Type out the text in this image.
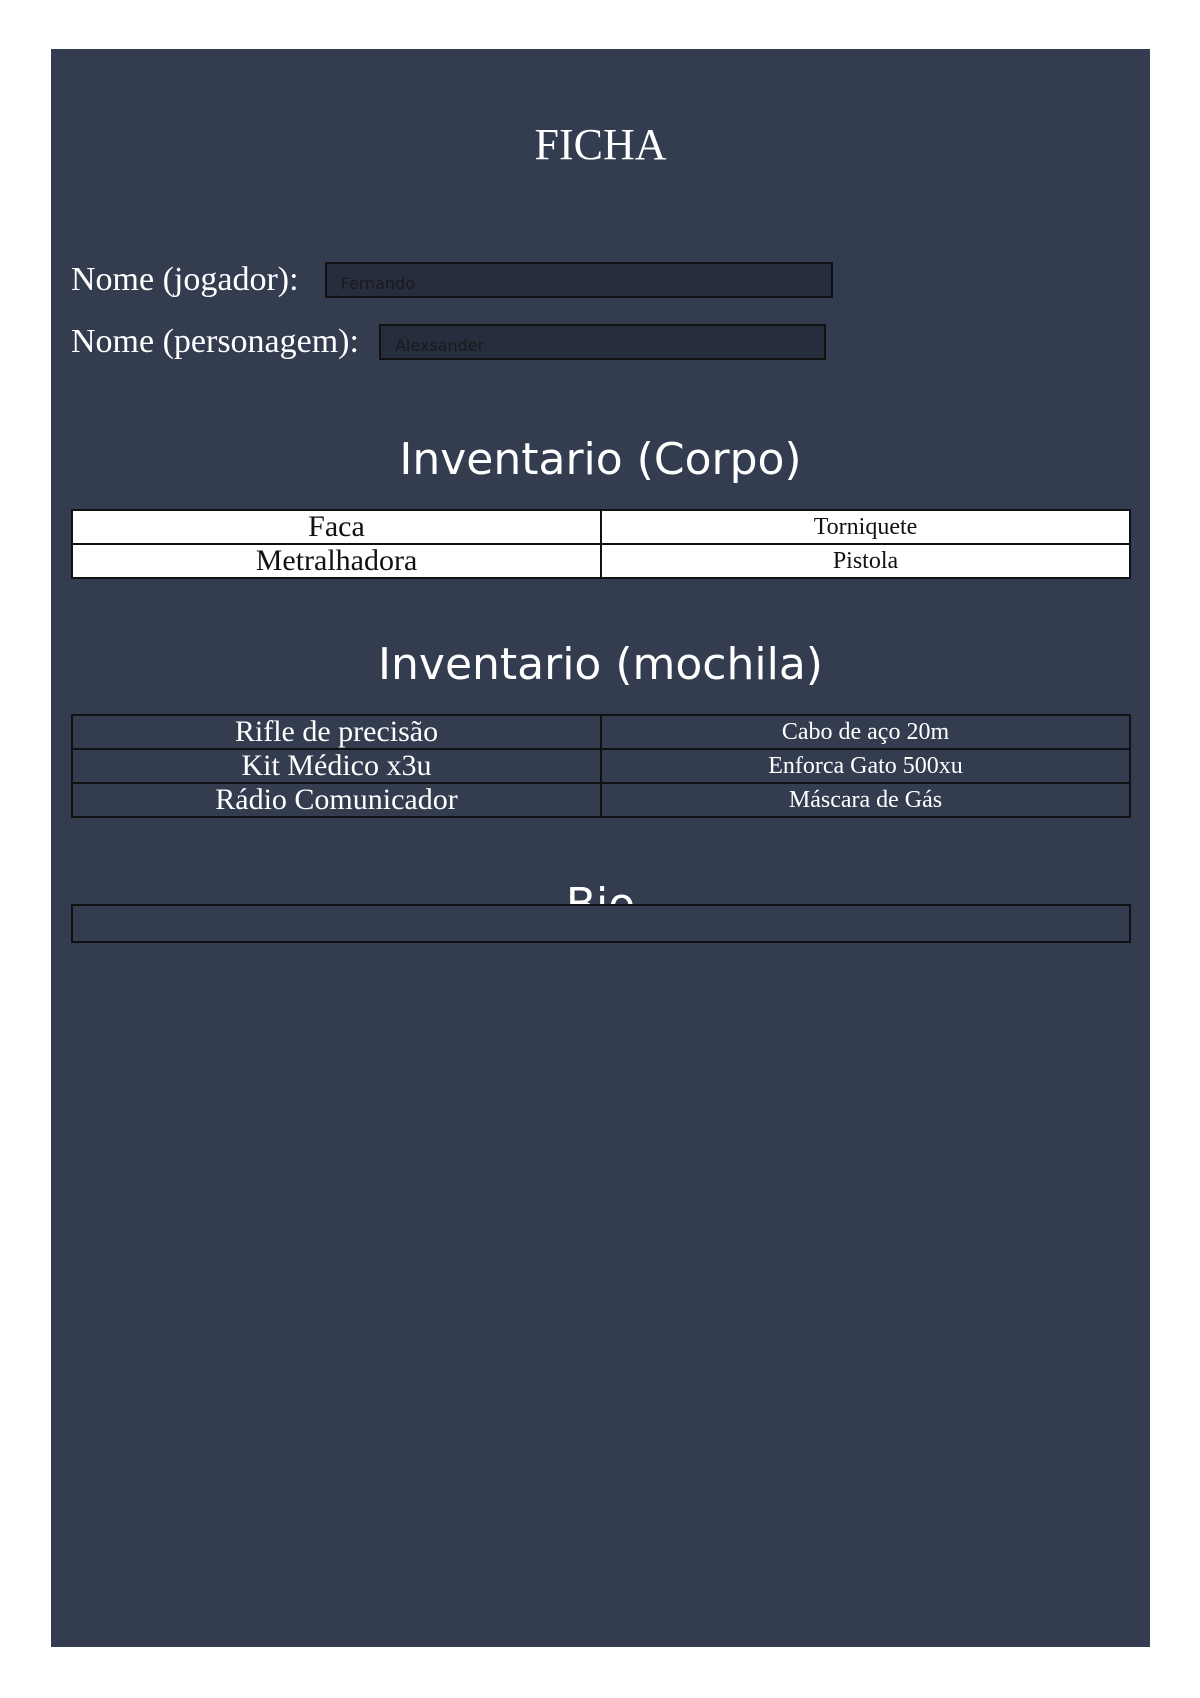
FICHA
Nome (jogador):	Fernando
Nome (personagem):	Alexsander
Inventario (Corpo)
Faca	Torniquete
Metralhadora	Pistola
Inventario (mochila)
Rifle de precisão	Cabo de aço 20m
Kit Médico x3u	Enforca Gato 500xu
Rádio Comunicador	Máscara de Gás
